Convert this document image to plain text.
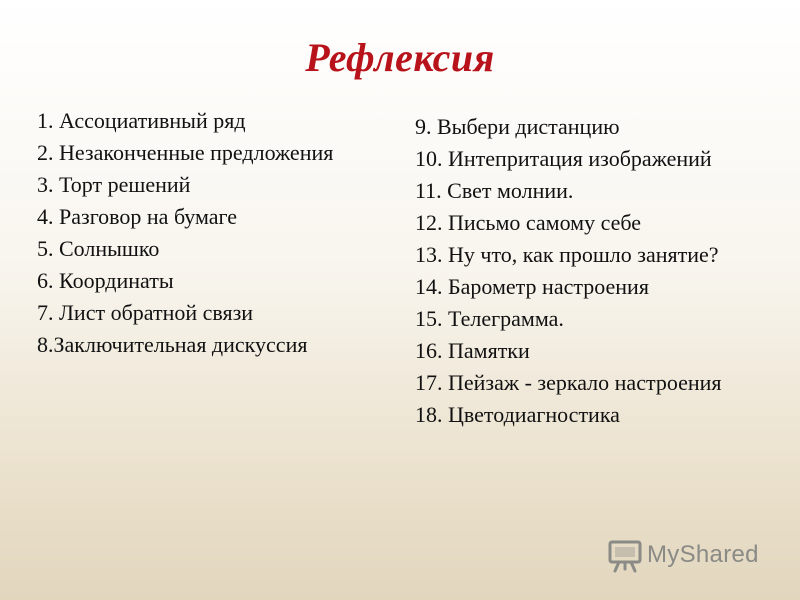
Рефлексия
1. Ассоциативный ряд
2. Незаконченные предложения
3. Торт решений
4. Разговор на бумаге
5. Солнышко
6. Координаты
7. Лист обратной связи
8.Заключительная дискуссия
9. Выбери дистанцию
10. Интепритация изображений
11. Свет молнии.
12. Письмо самому себе
13. Ну что, как прошло занятие?
14. Барометр настроения
15. Телеграмма.
16. Памятки
17. Пейзаж - зеркало настроения
18. Цветодиагностика
MyShared
